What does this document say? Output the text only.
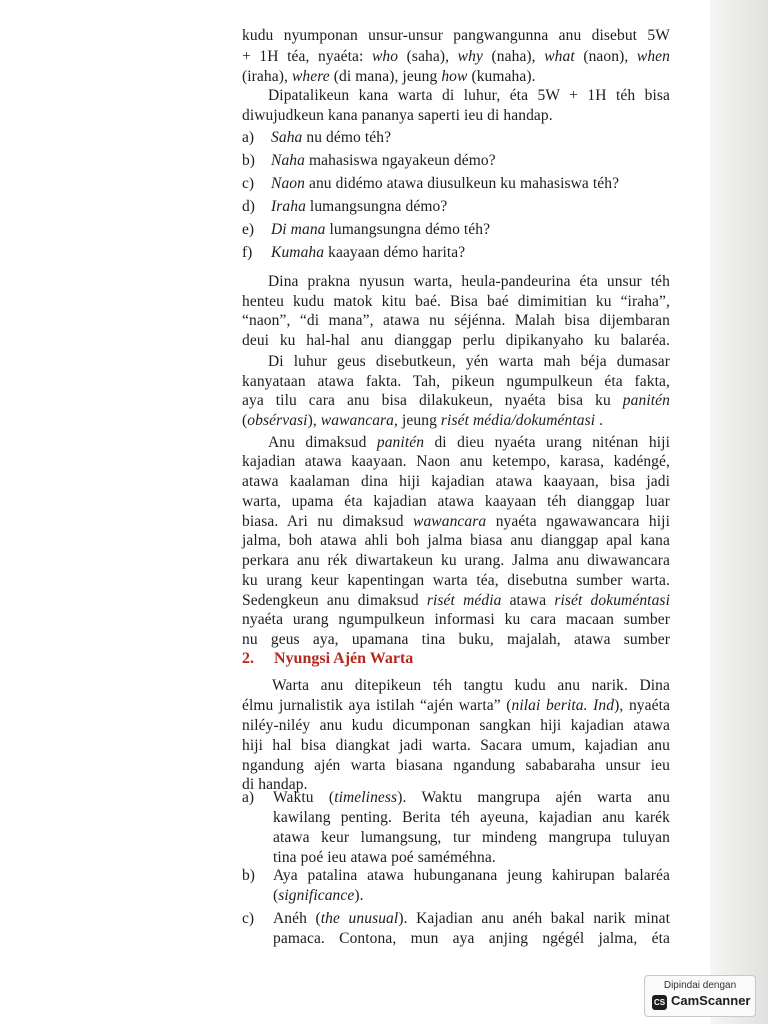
kudu nyumponan unsur-unsur pangwangunna anu disebut 5W
+ 1H téa, nyaéta: who (saha), why (naha), what (naon), when
(iraha), where (di mana), jeung how (kumaha).
Dipatalikeun kana warta di luhur, éta 5W + 1H téh bisa
diwujudkeun kana pananya saperti ieu di handap.
a) Saha nu démo téh?
b) Naha mahasiswa ngayakeun démo?
c) Naon anu didémo atawa diusulkeun ku mahasiswa téh?
d) Iraha lumangsungna démo?
e) Di mana lumangsungna démo téh?
f) Kumaha kaayaan démo harita?
Dina prakna nyusun warta, heula-pandeurina éta unsur téh
henteu kudu matok kitu baé. Bisa baé dimimitian ku “iraha”,
“naon”, “di mana”, atawa nu séjénna. Malah bisa dijembaran
deui ku hal-hal anu dianggap perlu dipikanyaho ku balaréa.
Di luhur geus disebutkeun, yén warta mah béja dumasar
kanyataan atawa fakta. Tah, pikeun ngumpulkeun éta fakta,
aya tilu cara anu bisa dilakukeun, nyaéta bisa ku panitén
(obsérvasi), wawancara, jeung risét média/dokuméntasi .
Anu dimaksud panitén di dieu nyaéta urang niténan hiji
kajadian atawa kaayaan. Naon anu ketempo, karasa, kadéngé,
atawa kaalaman dina hiji kajadian atawa kaayaan, bisa jadi
warta, upama éta kajadian atawa kaayaan téh dianggap luar
biasa. Ari nu dimaksud wawancara nyaéta ngawawancara hiji
jalma, boh atawa ahli boh jalma biasa anu dianggap apal kana
perkara anu rék diwartakeun ku urang. Jalma anu diwawancara
ku urang keur kapentingan warta téa, disebutna sumber warta.
Sedengkeun anu dimaksud risét média atawa risét dokuméntasi
nyaéta urang ngumpulkeun informasi ku cara macaan sumber
nu geus aya, upamana tina buku, majalah, atawa sumber
2. Nyungsi Ajén Warta
Warta anu ditepikeun téh tangtu kudu anu narik. Dina
élmu jurnalistik aya istilah “ajén warta” (nilai berita. Ind), nyaéta
niléy-niléy anu kudu dicumponan sangkan hiji kajadian atawa
hiji hal bisa diangkat jadi warta. Sacara umum, kajadian anu
ngandung ajén warta biasana ngandung sababaraha unsur ieu
di handap.
a) Waktu (timeliness). Waktu mangrupa ajén warta anu
kawilang penting. Berita téh ayeuna, kajadian anu karék
atawa keur lumangsung, tur mindeng mangrupa tuluyan
tina poé ieu atawa poé saméméhna.
b) Aya patalina atawa hubunganana jeung kahirupan balaréa
(significance).
c) Anéh (the unusual). Kajadian anu anéh bakal narik minat
pamaca. Contona, mun aya anjing ngégél jalma, éta
Dipindai dengan
CS CamScanner
